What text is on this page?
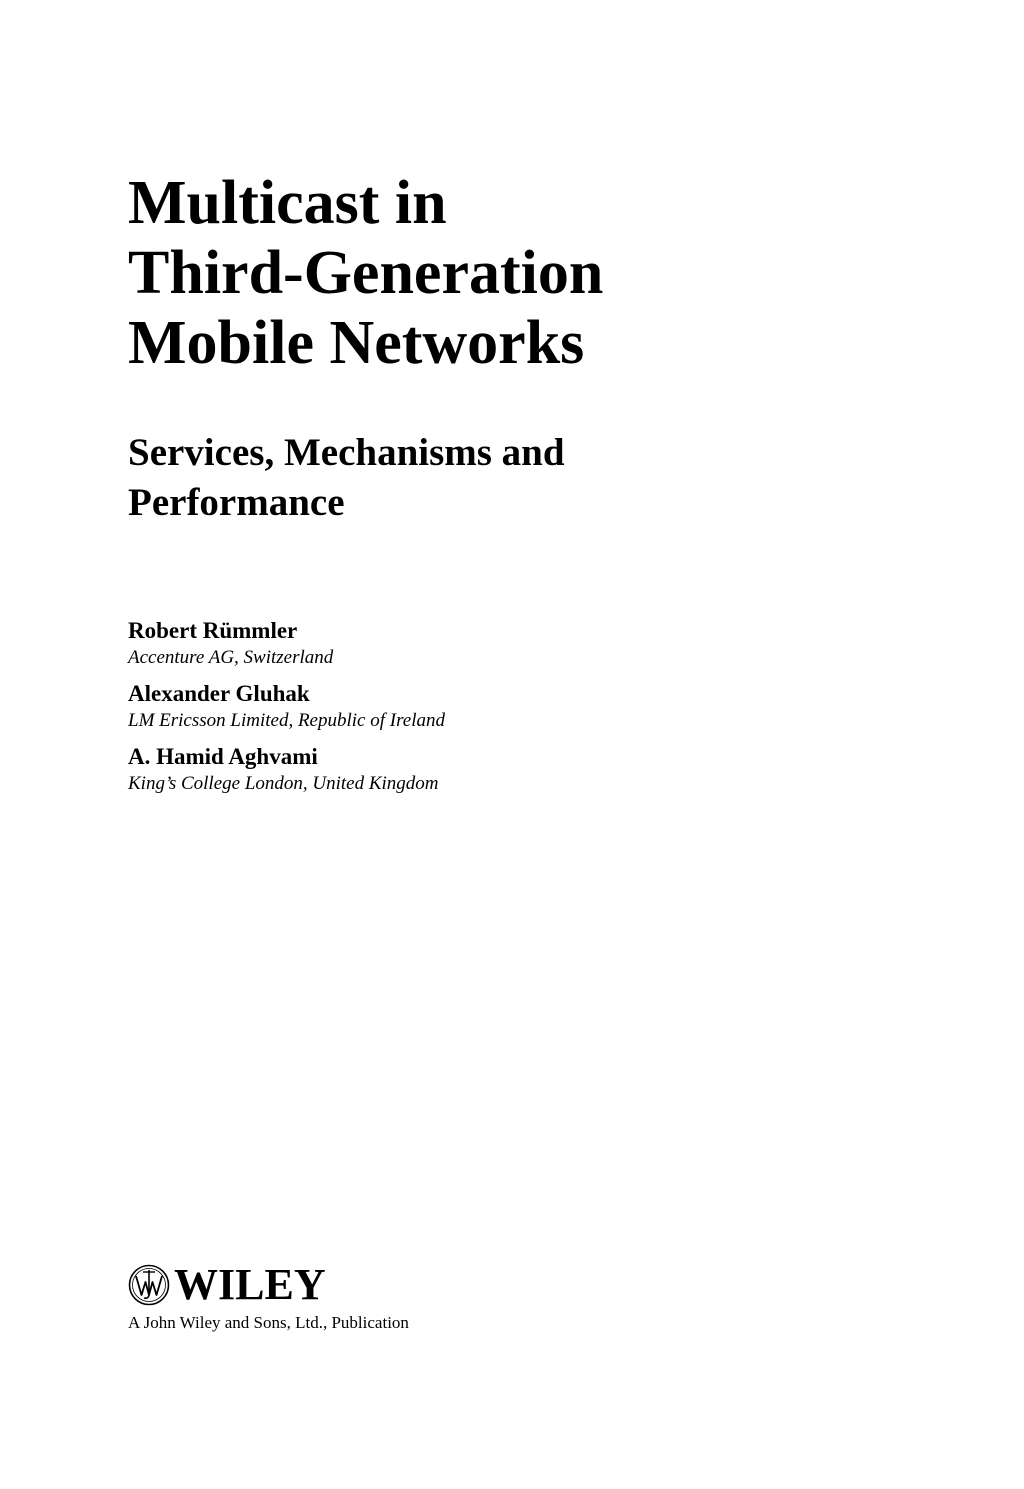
Multicast in
Third-Generation
Mobile Networks
Services, Mechanisms and
Performance
Robert Rümmler
Accenture AG, Switzerland
Alexander Gluhak
LM Ericsson Limited, Republic of Ireland
A. Hamid Aghvami
King’s College London, United Kingdom
WILEY
A John Wiley and Sons, Ltd., Publication
